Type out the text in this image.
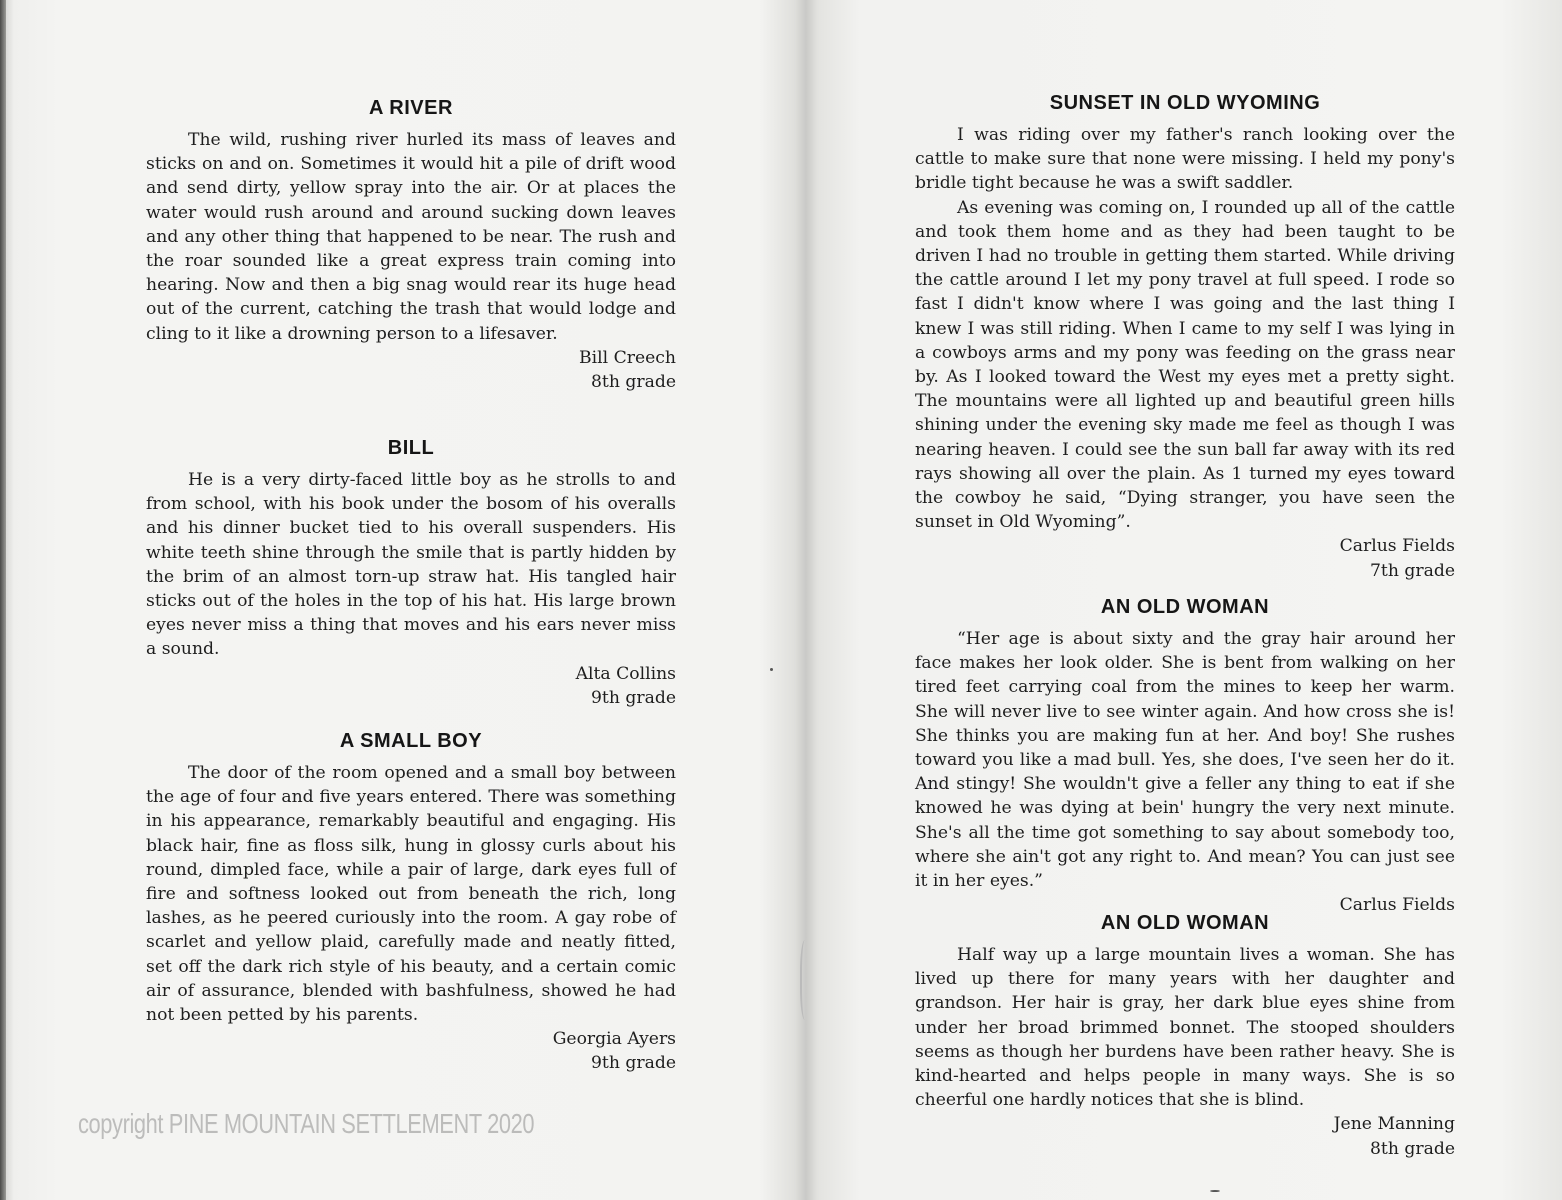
A RIVER

The wild, rushing river hurled its mass of leaves and sticks on and on. Sometimes it would hit a pile of drift wood and send dirty, yellow spray into the air. Or at places the water would rush around and around sucking down leaves and any other thing that happened to be near. The rush and the roar sounded like a great express train coming into hearing. Now and then a big snag would rear its huge head out of the current, catching the trash that would lodge and cling to it like a drowning person to a lifesaver.

Bill Creech
8th grade
BILL

He is a very dirty-faced little boy as he strolls to and from school, with his book under the bosom of his overalls and his dinner bucket tied to his overall suspenders. His white teeth shine through the smile that is partly hidden by the brim of an almost torn-up straw hat. His tangled hair sticks out of the holes in the top of his hat. His large brown eyes never miss a thing that moves and his ears never miss a sound.

Alta Collins
9th grade
A SMALL BOY

The door of the room opened and a small boy between the age of four and five years entered. There was something in his appearance, remarkably beautiful and engaging. His black hair, fine as floss silk, hung in glossy curls about his round, dimpled face, while a pair of large, dark eyes full of fire and softness looked out from beneath the rich, long lashes, as he peered curiously into the room. A gay robe of scarlet and yellow plaid, carefully made and neatly fitted, set off the dark rich style of his beauty, and a certain comic air of assurance, blended with bashfulness, showed he had not been petted by his parents.

Georgia Ayers
9th grade
copyright PINE MOUNTAIN SETTLEMENT 2020
SUNSET IN OLD WYOMING

I was riding over my father's ranch looking over the cattle to make sure that none were missing. I held my pony's bridle tight because he was a swift saddler.

As evening was coming on, I rounded up all of the cattle and took them home and as they had been taught to be driven I had no trouble in getting them started. While driving the cattle around I let my pony travel at full speed. I rode so fast I didn't know where I was going and the last thing I knew I was still riding. When I came to my self I was lying in a cowboys arms and my pony was feeding on the grass near by. As I looked toward the West my eyes met a pretty sight. The mountains were all lighted up and beautiful green hills shining under the evening sky made me feel as though I was nearing heaven. I could see the sun ball far away with its red rays showing all over the plain. As 1 turned my eyes toward the cowboy he said, “Dying stranger, you have seen the sunset in Old Wyoming”.

Carlus Fields
7th grade
AN OLD WOMAN

“Her age is about sixty and the gray hair around her face makes her look older. She is bent from walking on her tired feet carrying coal from the mines to keep her warm. She will never live to see winter again. And how cross she is! She thinks you are making fun at her. And boy! She rushes toward you like a mad bull. Yes, she does, I've seen her do it. And stingy! She wouldn't give a feller any thing to eat if she knowed he was dying at bein' hungry the very next minute. She's all the time got something to say about somebody too, where she ain't got any right to. And mean? You can just see it in her eyes.”

Carlus Fields
AN OLD WOMAN

Half way up a large mountain lives a woman. She has lived up there for many years with her daughter and grandson. Her hair is gray, her dark blue eyes shine from under her broad brimmed bonnet. The stooped shoulders seems as though her burdens have been rather heavy. She is kind-hearted and helps people in many ways. She is so cheerful one hardly notices that she is blind.

Jene Manning
8th grade
